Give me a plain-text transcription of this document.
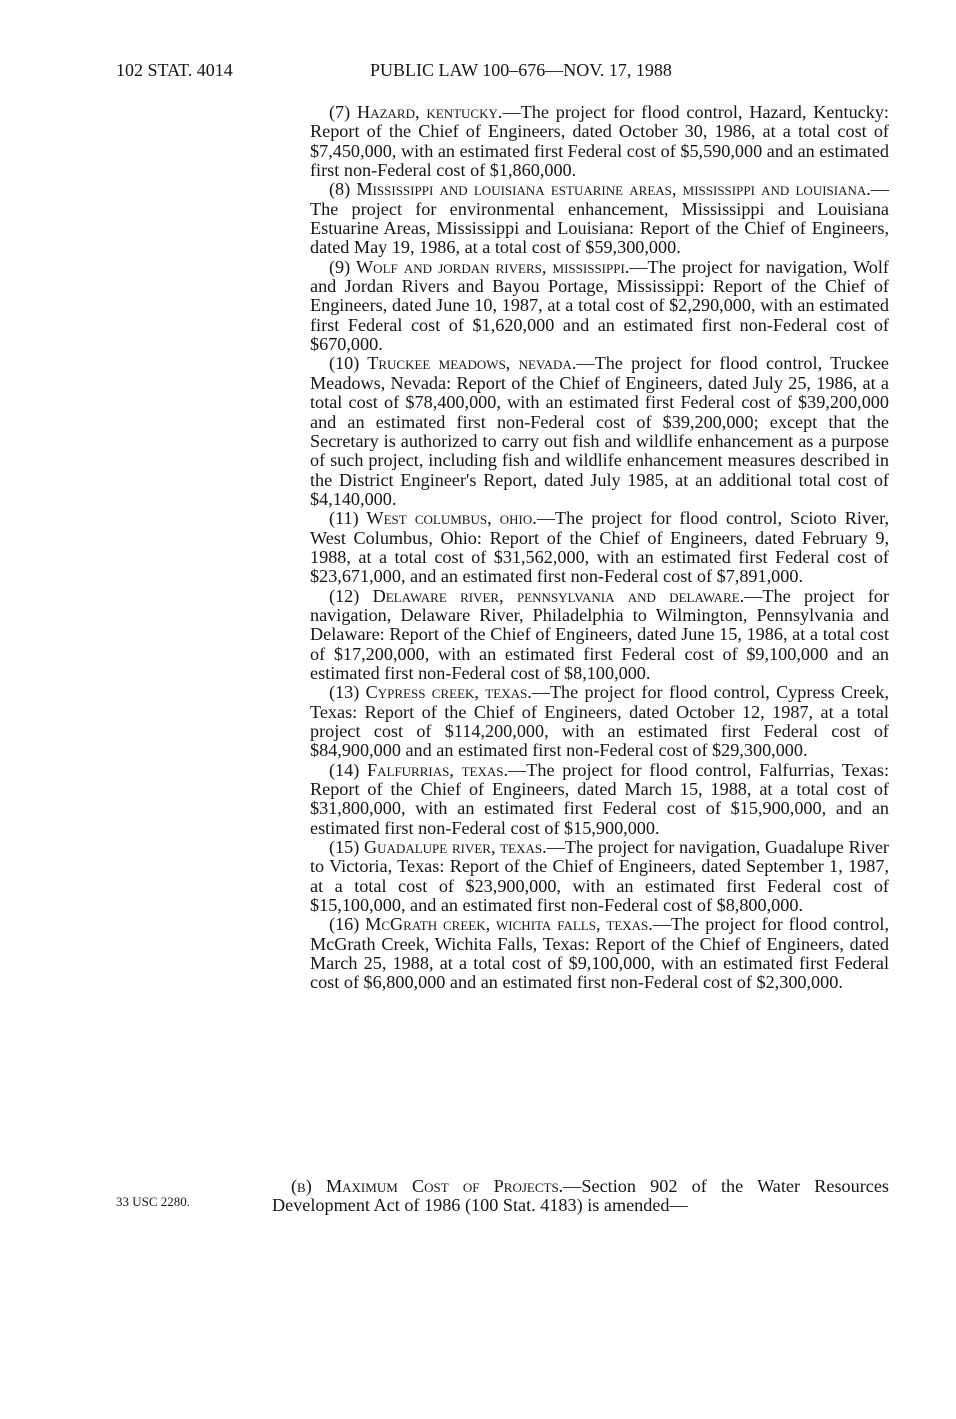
102 STAT. 4014	PUBLIC LAW 100–676—NOV. 17, 1988

(7) Hazard, kentucky.—The project for flood control, Hazard, Kentucky: Report of the Chief of Engineers, dated October 30, 1986, at a total cost of $7,450,000, with an estimated first Federal cost of $5,590,000 and an estimated first non-Federal cost of $1,860,000.

(8) Mississippi and louisiana estuarine areas, mississippi and louisiana.—The project for environmental enhancement, Mississippi and Louisiana Estuarine Areas, Mississippi and Louisiana: Report of the Chief of Engineers, dated May 19, 1986, at a total cost of $59,300,000.

(9) Wolf and jordan rivers, mississippi.—The project for navigation, Wolf and Jordan Rivers and Bayou Portage, Mississippi: Report of the Chief of Engineers, dated June 10, 1987, at a total cost of $2,290,000, with an estimated first Federal cost of $1,620,000 and an estimated first non-Federal cost of $670,000.

(10) Truckee meadows, nevada.—The project for flood control, Truckee Meadows, Nevada: Report of the Chief of Engineers, dated July 25, 1986, at a total cost of $78,400,000, with an estimated first Federal cost of $39,200,000 and an estimated first non-Federal cost of $39,200,000; except that the Secretary is authorized to carry out fish and wildlife enhancement as a purpose of such project, including fish and wildlife enhancement measures described in the District Engineer's Report, dated July 1985, at an additional total cost of $4,140,000.

(11) West columbus, ohio.—The project for flood control, Scioto River, West Columbus, Ohio: Report of the Chief of Engineers, dated February 9, 1988, at a total cost of $31,562,000, with an estimated first Federal cost of $23,671,000, and an estimated first non-Federal cost of $7,891,000.

(12) Delaware river, pennsylvania and delaware.—The project for navigation, Delaware River, Philadelphia to Wilmington, Pennsylvania and Delaware: Report of the Chief of Engineers, dated June 15, 1986, at a total cost of $17,200,000, with an estimated first Federal cost of $9,100,000 and an estimated first non-Federal cost of $8,100,000.

(13) Cypress creek, texas.—The project for flood control, Cypress Creek, Texas: Report of the Chief of Engineers, dated October 12, 1987, at a total project cost of $114,200,000, with an estimated first Federal cost of $84,900,000 and an estimated first non-Federal cost of $29,300,000.

(14) Falfurrias, texas.—The project for flood control, Falfurrias, Texas: Report of the Chief of Engineers, dated March 15, 1988, at a total cost of $31,800,000, with an estimated first Federal cost of $15,900,000, and an estimated first non-Federal cost of $15,900,000.

(15) Guadalupe river, texas.—The project for navigation, Guadalupe River to Victoria, Texas: Report of the Chief of Engineers, dated September 1, 1987, at a total cost of $23,900,000, with an estimated first Federal cost of $15,100,000, and an estimated first non-Federal cost of $8,800,000.

(16) McGrath creek, wichita falls, texas.—The project for flood control, McGrath Creek, Wichita Falls, Texas: Report of the Chief of Engineers, dated March 25, 1988, at a total cost of $9,100,000, with an estimated first Federal cost of $6,800,000 and an estimated first non-Federal cost of $2,300,000.

(b) Maximum Cost of Projects.—Section 902 of the Water Resources Development Act of 1986 (100 Stat. 4183) is amended—

33 USC 2280.
